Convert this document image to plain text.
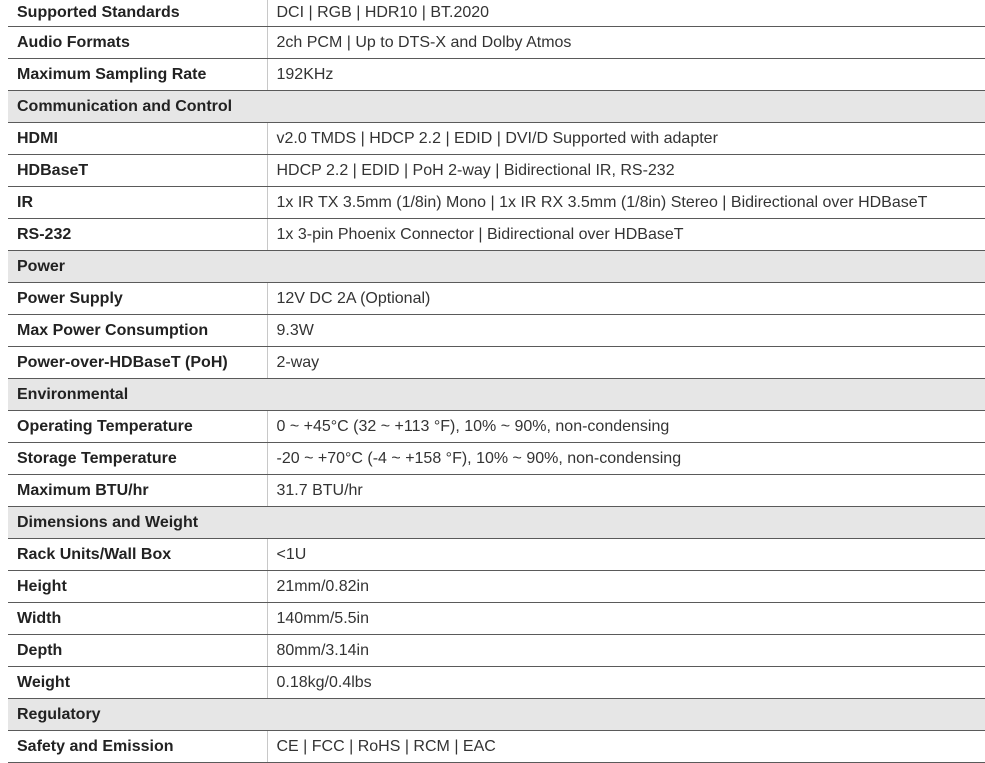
Supported Standards	DCI | RGB | HDR10 | BT.2020
Audio Formats	2ch PCM | Up to DTS-X and Dolby Atmos
Maximum Sampling Rate	192KHz
Communication and Control	
HDMI	v2.0 TMDS | HDCP 2.2 | EDID | DVI/D Supported with adapter
HDBaseT	HDCP 2.2 | EDID | PoH 2-way | Bidirectional IR, RS-232
IR	1x IR TX 3.5mm (1/8in) Mono | 1x IR RX 3.5mm (1/8in) Stereo | Bidirectional over HDBaseT
RS-232	1x 3-pin Phoenix Connector | Bidirectional over HDBaseT
Power	
Power Supply	12V DC 2A (Optional)
Max Power Consumption	9.3W
Power-over-HDBaseT (PoH)	2-way
Environmental	
Operating Temperature	0 ~ +45°C (32 ~ +113 °F), 10% ~ 90%, non-condensing
Storage Temperature	-20 ~ +70°C (-4 ~ +158 °F), 10% ~ 90%, non-condensing
Maximum BTU/hr	31.7 BTU/hr
Dimensions and Weight	
Rack Units/Wall Box	<1U
Height	21mm/0.82in
Width	140mm/5.5in
Depth	80mm/3.14in
Weight	0.18kg/0.4lbs
Regulatory	
Safety and Emission	CE | FCC | RoHS | RCM | EAC
